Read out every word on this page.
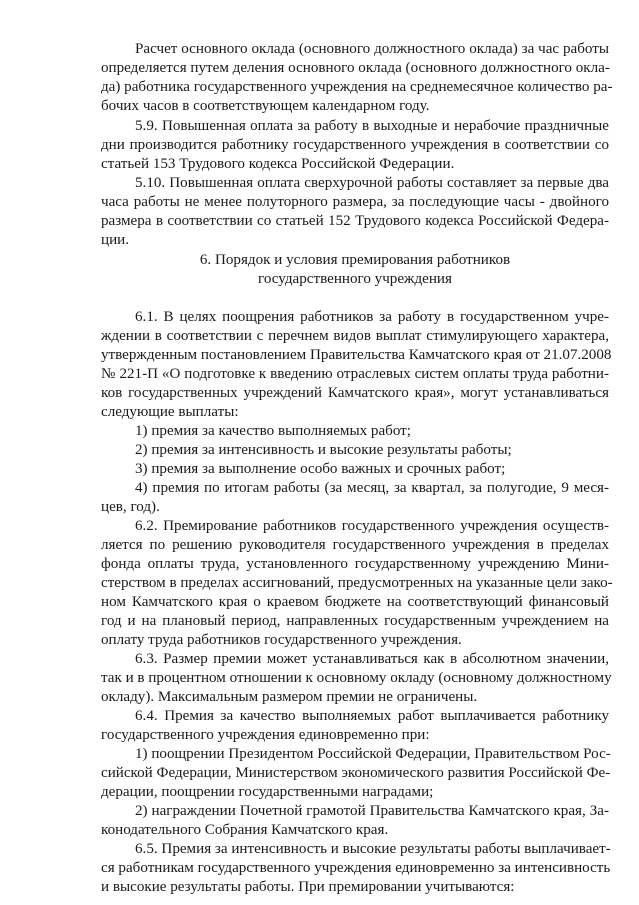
Расчет основного оклада (основного должностного оклада) за час работы
определяется путем деления основного оклада (основного должностного окла-
да) работника государственного учреждения на среднемесячное количество ра-
бочих часов в соответствующем календарном году.
5.9. Повышенная оплата за работу в выходные и нерабочие праздничные
дни производится работнику государственного учреждения в соответствии со
статьей 153 Трудового кодекса Российской Федерации.
5.10. Повышенная оплата сверхурочной работы составляет за первые два
часа работы не менее полуторного размера, за последующие часы - двойного
размера в соответствии со статьей 152 Трудового кодекса Российской Федера-
ции.
6. Порядок и условия премирования работников
государственного учреждения
6.1. В целях поощрения работников за работу в государственном учре-
ждении в соответствии с перечнем видов выплат стимулирующего характера,
утвержденным постановлением Правительства Камчатского края от 21.07.2008
№ 221-П «О подготовке к введению отраслевых систем оплаты труда работни-
ков государственных учреждений Камчатского края», могут устанавливаться
следующие выплаты:
1) премия за качество выполняемых работ;
2) премия за интенсивность и высокие результаты работы;
3) премия за выполнение особо важных и срочных работ;
4) премия по итогам работы (за месяц, за квартал, за полугодие, 9 меся-
цев, год).
6.2. Премирование работников государственного учреждения осуществ-
ляется по решению руководителя государственного учреждения в пределах
фонда оплаты труда, установленного государственному учреждению Мини-
стерством в пределах ассигнований, предусмотренных на указанные цели зако-
ном Камчатского края о краевом бюджете на соответствующий финансовый
год и на плановый период, направленных государственным учреждением на
оплату труда работников государственного учреждения.
6.3. Размер премии может устанавливаться как в абсолютном значении,
так и в процентном отношении к основному окладу (основному должностному
окладу). Максимальным размером премии не ограничены.
6.4. Премия за качество выполняемых работ выплачивается работнику
государственного учреждения единовременно при:
1) поощрении Президентом Российской Федерации, Правительством Рос-
сийской Федерации, Министерством экономического развития Российской Фе-
дерации, поощрении государственными наградами;
2) награждении Почетной грамотой Правительства Камчатского края, За-
конодательного Собрания Камчатского края.
6.5. Премия за интенсивность и высокие результаты работы выплачивает-
ся работникам государственного учреждения единовременно за интенсивность
и высокие результаты работы. При премировании учитываются:
